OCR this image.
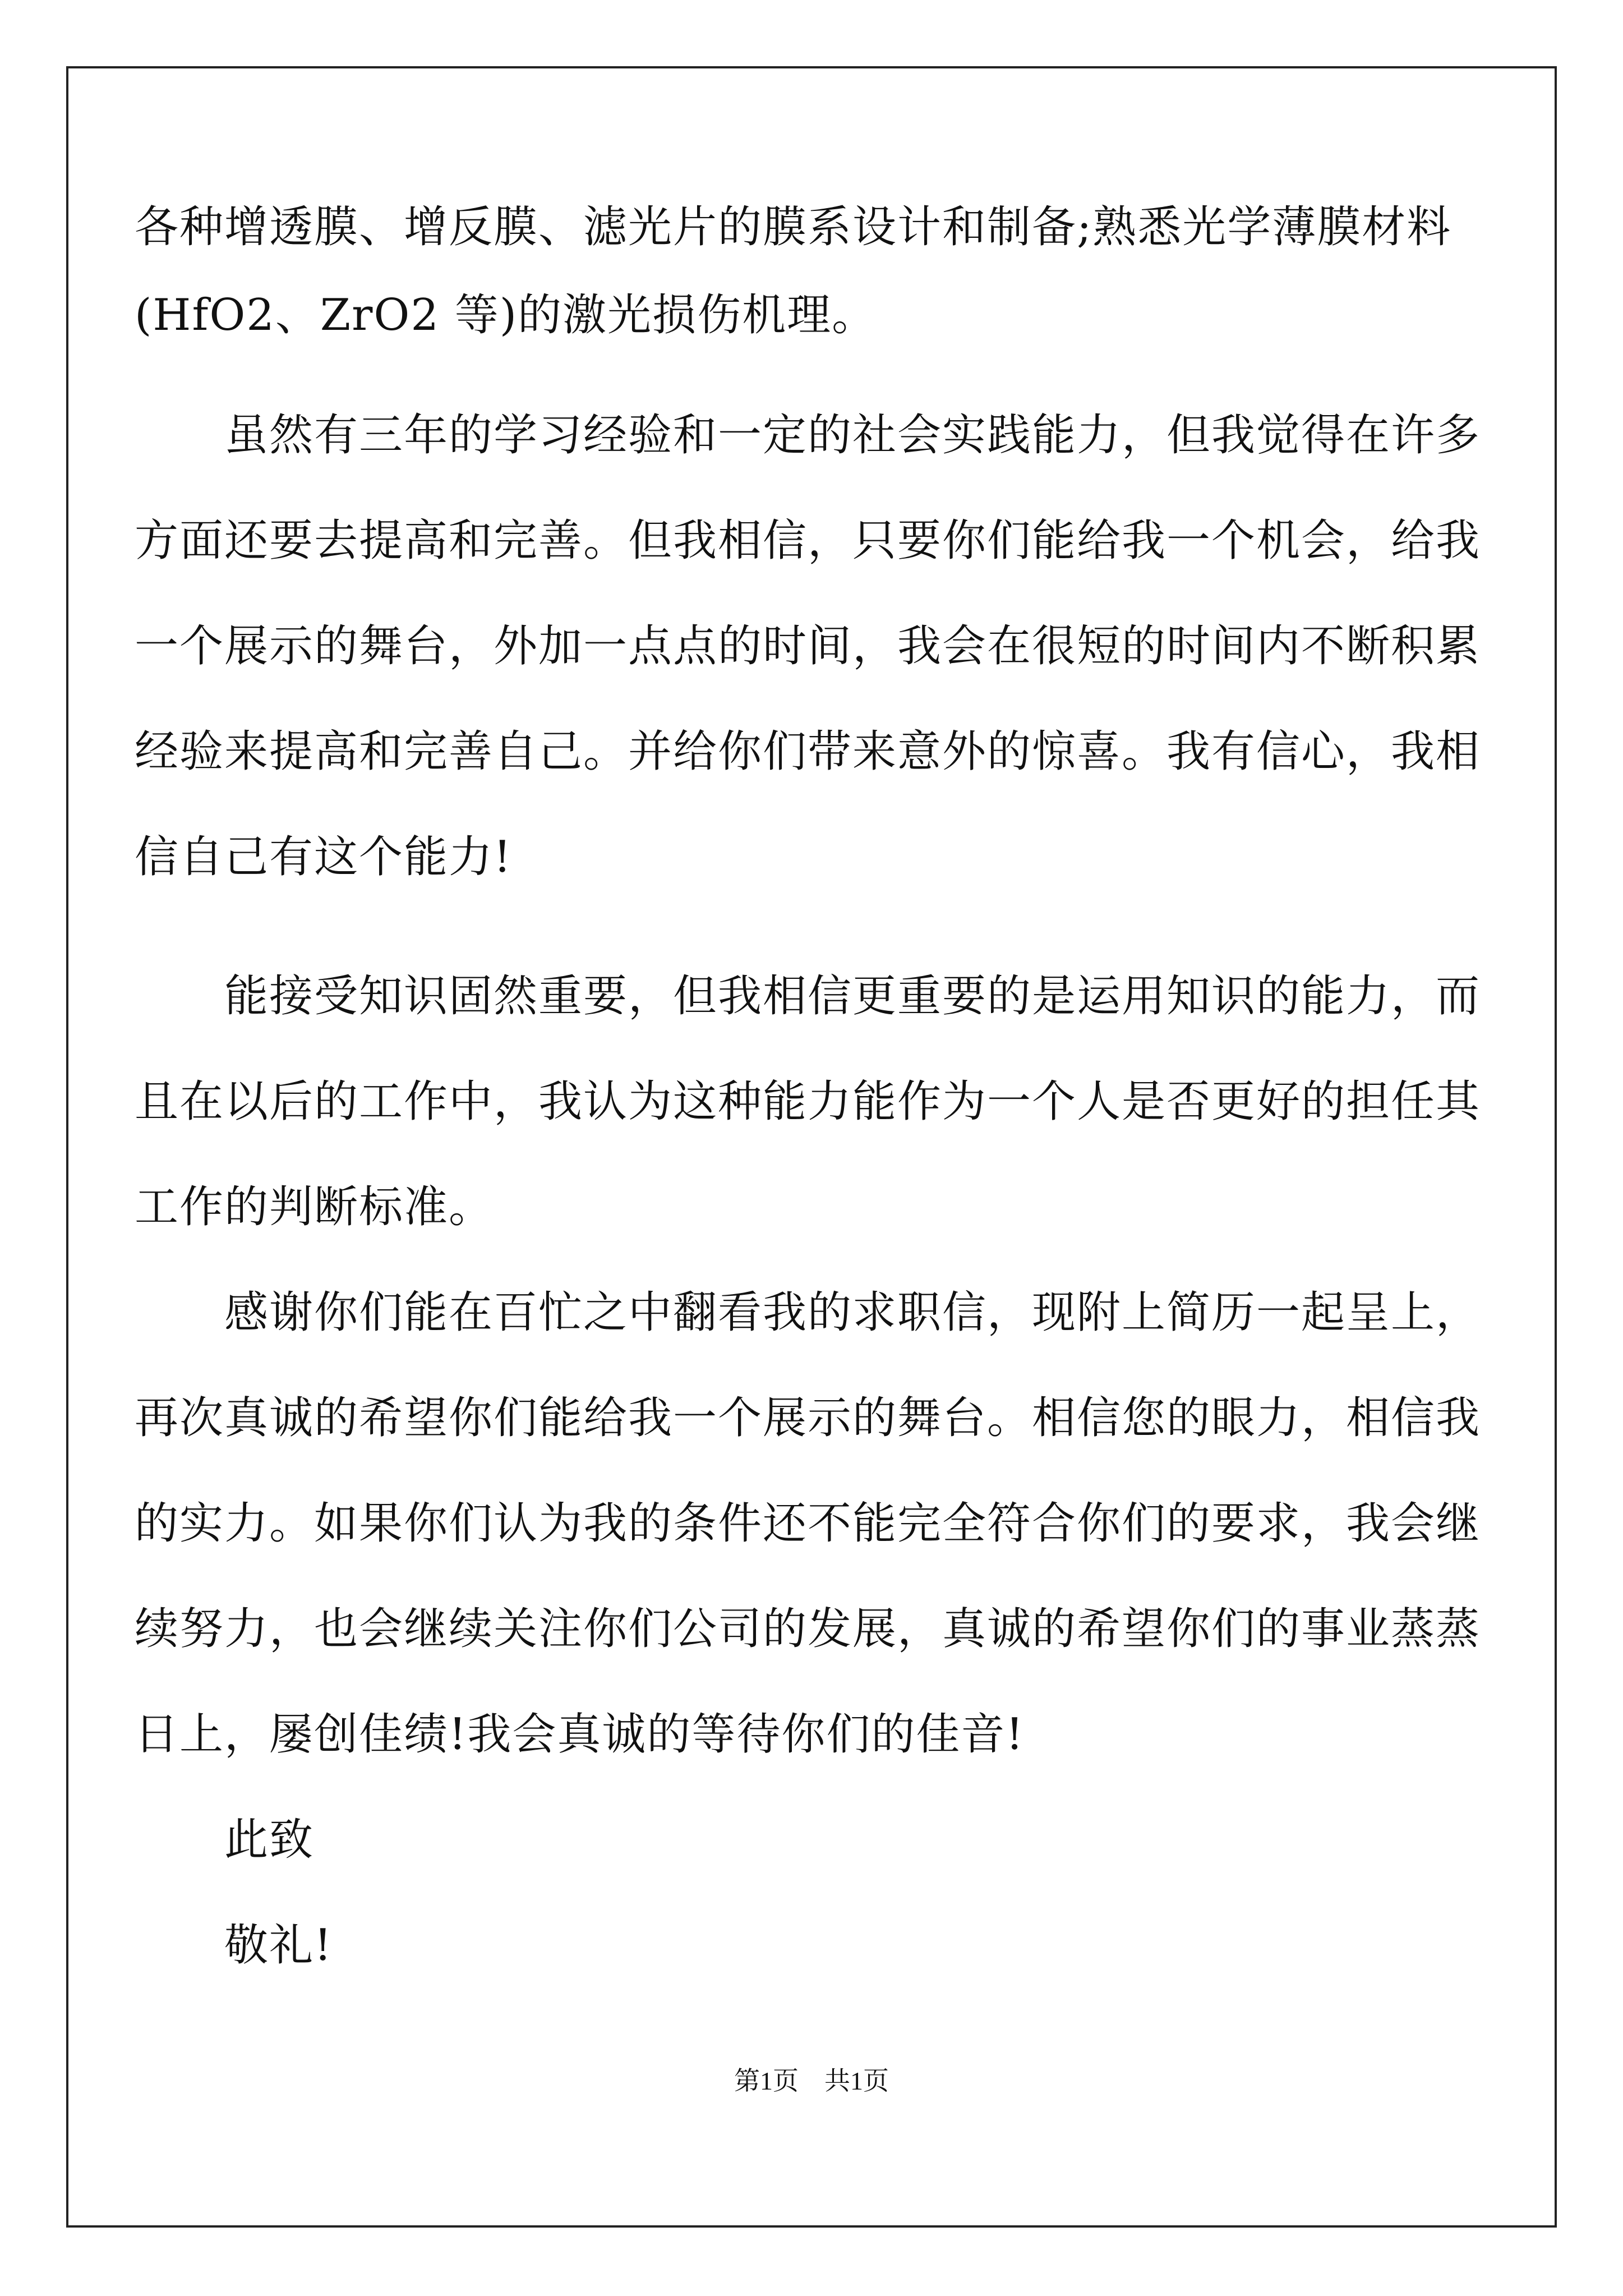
各种增透膜、增反膜、滤光片的膜系设计和制备;熟悉光学薄膜材料
(HfO2、ZrO2 等)的激光损伤机理。
　　虽然有三年的学习经验和一定的社会实践能力，但我觉得在许多
方面还要去提高和完善。但我相信，只要你们能给我一个机会，给我
一个展示的舞台，外加一点点的时间，我会在很短的时间内不断积累
经验来提高和完善自己。并给你们带来意外的惊喜。我有信心，我相
信自己有这个能力!
　　能接受知识固然重要，但我相信更重要的是运用知识的能力，而
且在以后的工作中，我认为这种能力能作为一个人是否更好的担任其
工作的判断标准。
　　感谢你们能在百忙之中翻看我的求职信，现附上简历一起呈上，
再次真诚的希望你们能给我一个展示的舞台。相信您的眼力，相信我
的实力。如果你们认为我的条件还不能完全符合你们的要求，我会继
续努力，也会继续关注你们公司的发展，真诚的希望你们的事业蒸蒸
日上，屡创佳绩!我会真诚的等待你们的佳音!
　　此致
　　敬礼!
第1页　共1页
